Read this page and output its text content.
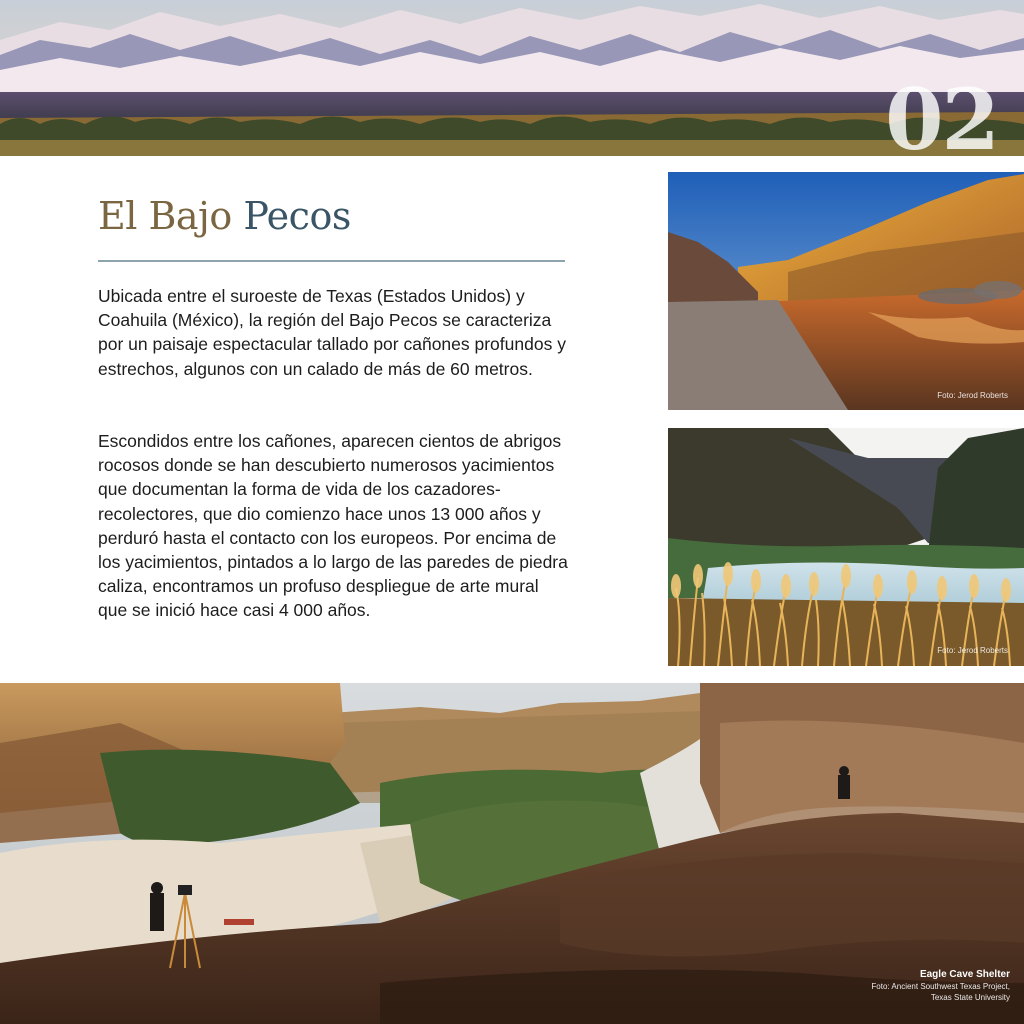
02
El Bajo Pecos

Ubicada entre el suroeste de Texas (Estados Unidos) y Coahuila (México), la región del Bajo Pecos se caracteriza por un paisaje espectacular tallado por cañones profundos y estrechos, algunos con un calado de más de 60 metros.

Escondidos entre los cañones, aparecen cientos de abrigos rocosos donde se han descubierto numerosos yacimientos que documentan la forma de vida de los cazadores-recolectores, que dio comienzo hace unos 13 000 años y perduró hasta el contacto con los europeos. Por encima de los yacimientos, pintados a lo largo de las paredes de piedra caliza, encontramos un profuso despliegue de arte mural que se inició hace casi 4 000 años.

Foto: Jerod Roberts
Foto: Jerod Roberts
Eagle Cave Shelter
Foto: Ancient Southwest Texas Project,
Texas State University
